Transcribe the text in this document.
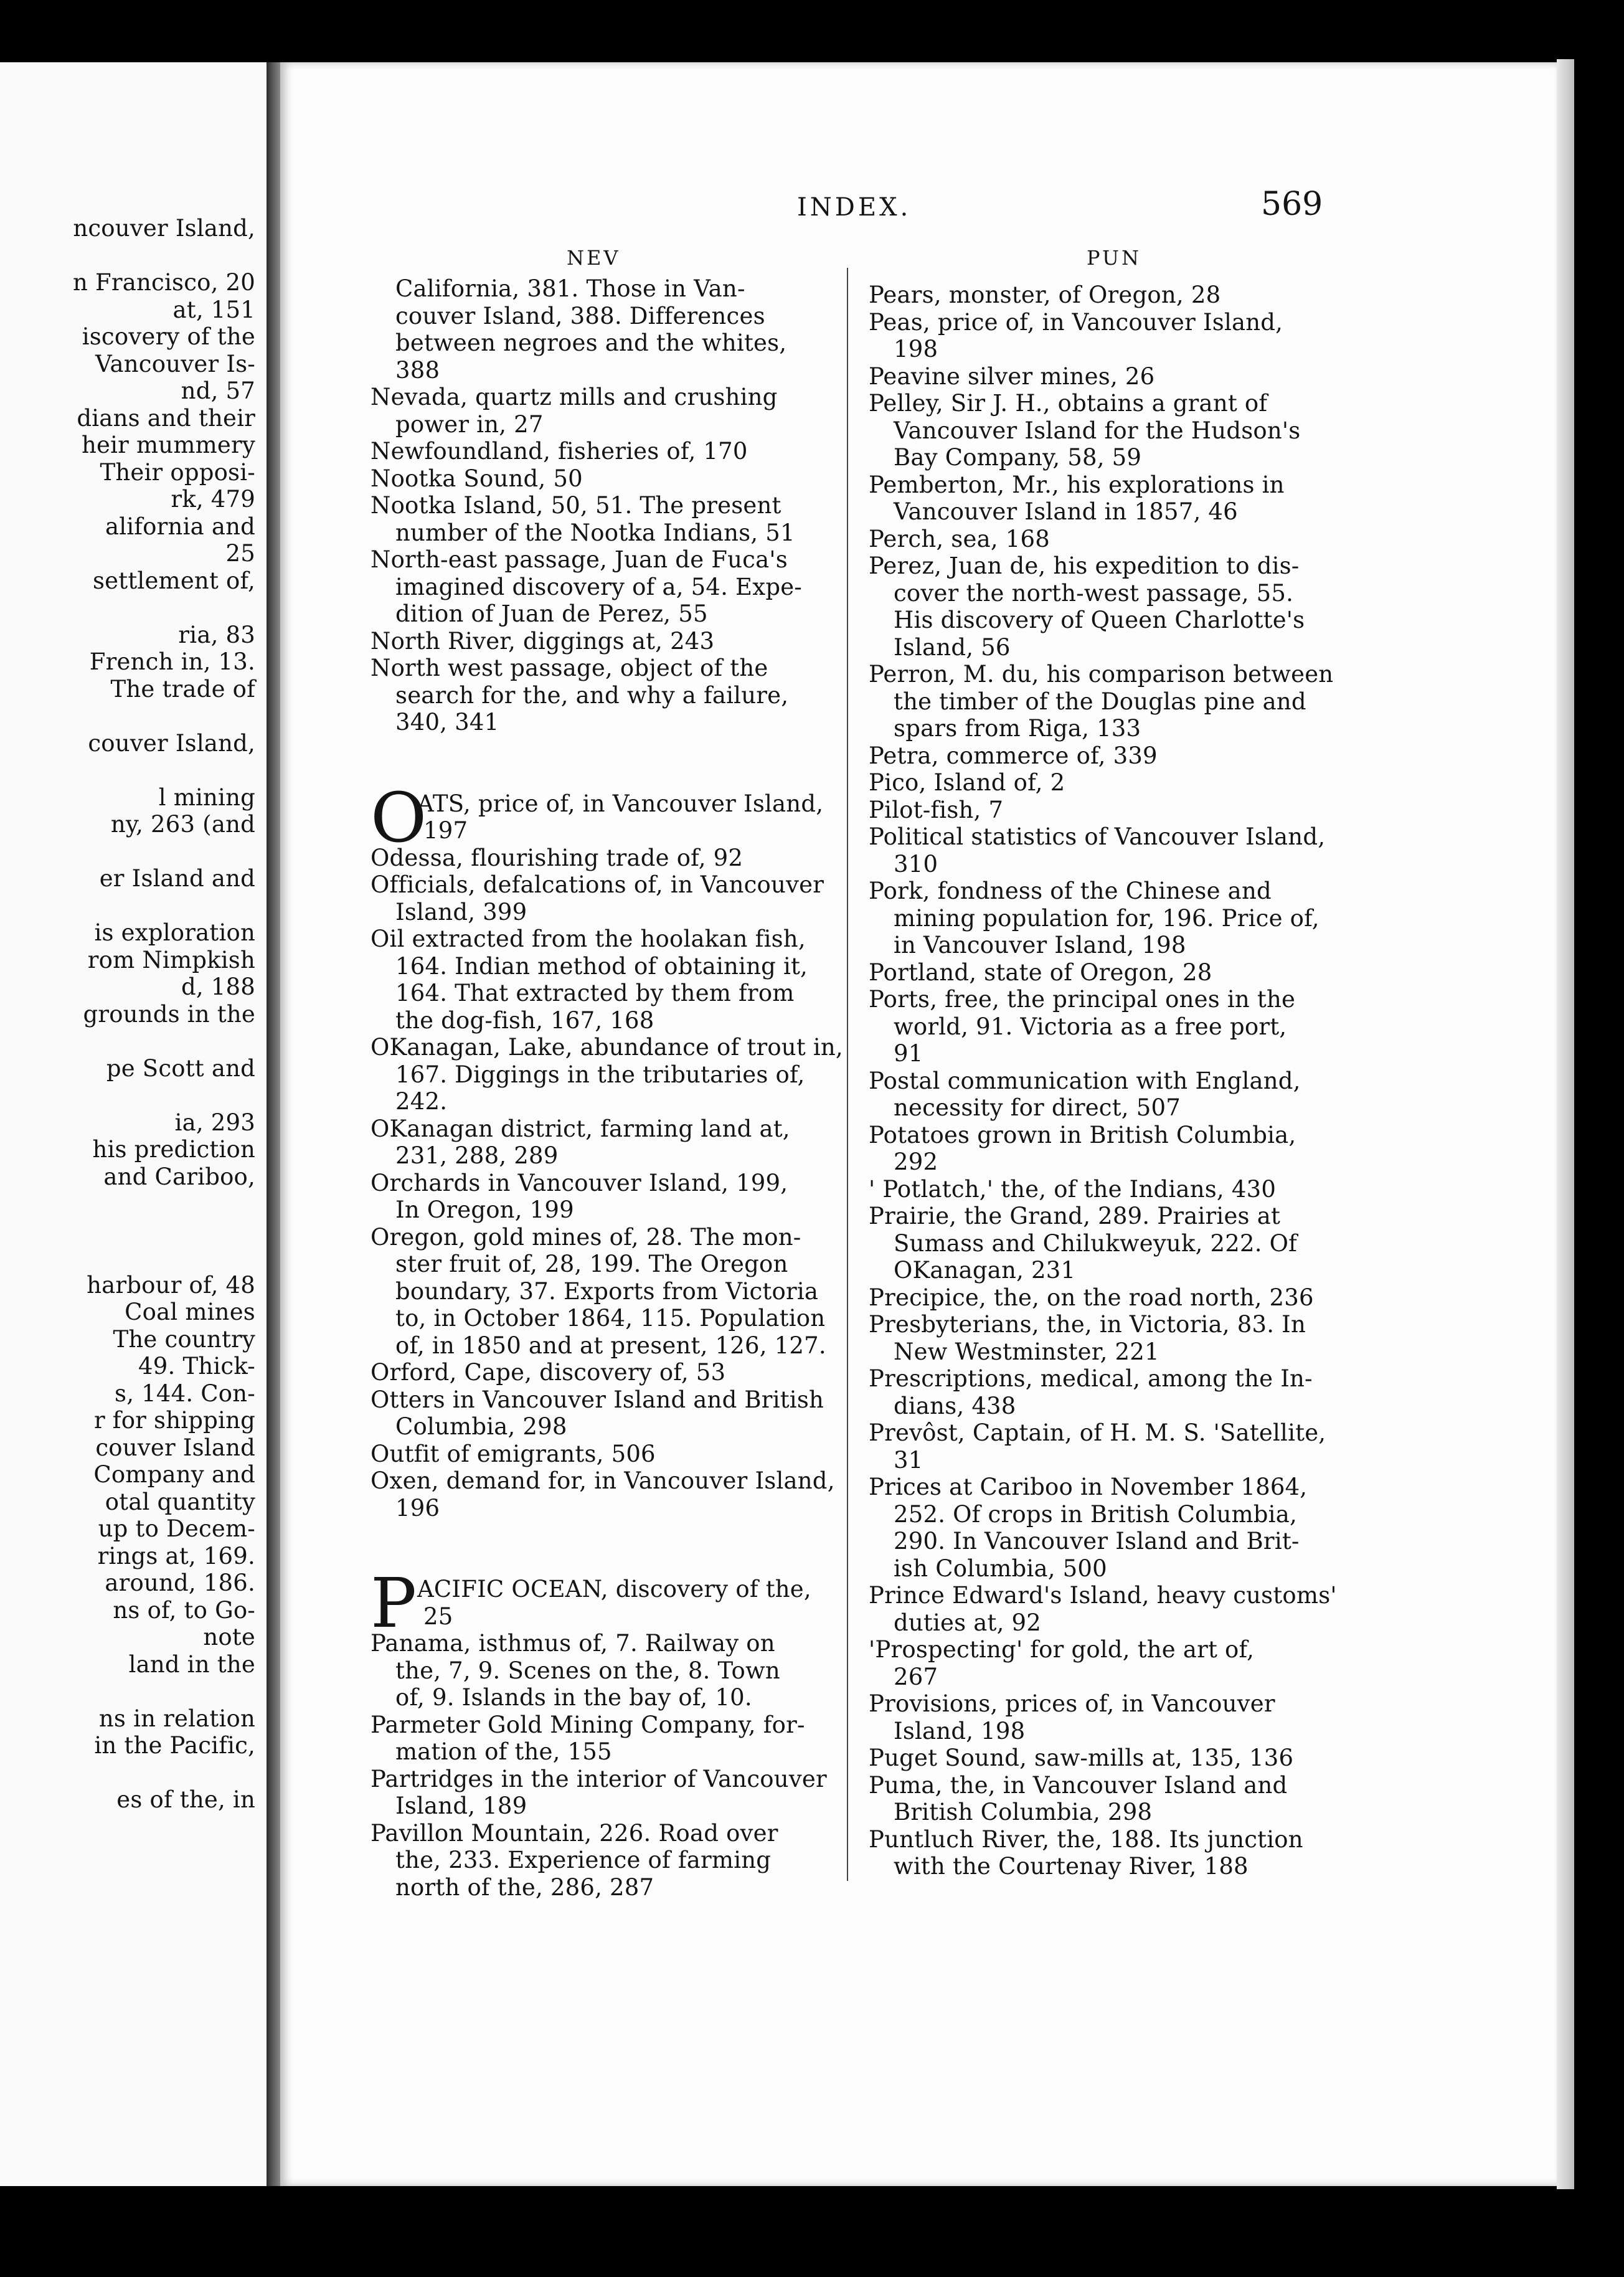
ncouver Island,
n Francisco, 20
at, 151
iscovery of the
Vancouver Is-
nd, 57
dians and their
heir mummery
Their opposi-
rk, 479
alifornia and
25
settlement of,
ria, 83
French in, 13.
The trade of
couver Island,
l mining
ny, 263 (and
er Island and
is exploration
rom Nimpkish
d, 188
grounds in the
pe Scott and
ia, 293
his prediction
and Cariboo,
harbour of, 48
Coal mines
The country
49. Thick-
s, 144. Con-
r for shipping
couver Island
Company and
otal quantity
up to Decem-
rings at, 169.
around, 186.
ns of, to Go-
note
land in the
ns in relation
in the Pacific,
es of the, in
INDEX.	569
NEV	PUN
California, 381. Those in Van-
couver Island, 388. Differences
between negroes and the whites,
388
Nevada, quartz mills and crushing
power in, 27
Newfoundland, fisheries of, 170
Nootka Sound, 50
Nootka Island, 50, 51. The present
number of the Nootka Indians, 51
North-east passage, Juan de Fuca's
imagined discovery of a, 54. Expe-
dition of Juan de Perez, 55
North River, diggings at, 243
North west passage, object of the
search for the, and why a failure,
340, 341
O
ATS, price of, in Vancouver Island,
197
Odessa, flourishing trade of, 92
Officials, defalcations of, in Vancouver
Island, 399
Oil extracted from the hoolakan fish,
164. Indian method of obtaining it,
164. That extracted by them from
the dog-fish, 167, 168
OKanagan, Lake, abundance of trout in,
167. Diggings in the tributaries of,
242.
OKanagan district, farming land at,
231, 288, 289
Orchards in Vancouver Island, 199,
In Oregon, 199
Oregon, gold mines of, 28. The mon-
ster fruit of, 28, 199. The Oregon
boundary, 37. Exports from Victoria
to, in October 1864, 115. Population
of, in 1850 and at present, 126, 127.
Orford, Cape, discovery of, 53
Otters in Vancouver Island and British
Columbia, 298
Outfit of emigrants, 506
Oxen, demand for, in Vancouver Island,
196
P ACIFIC OCEAN, discovery of the,
25
Panama, isthmus of, 7. Railway on
the, 7, 9. Scenes on the, 8. Town
of, 9. Islands in the bay of, 10.
Parmeter Gold Mining Company, for-
mation of the, 155
Partridges in the interior of Vancouver
Island, 189
Pavillon Mountain, 226. Road over
the, 233. Experience of farming
north of the, 286, 287
Pears, monster, of Oregon, 28
Peas, price of, in Vancouver Island,
198
Peavine silver mines, 26
Pelley, Sir J. H., obtains a grant of
Vancouver Island for the Hudson's
Bay Company, 58, 59
Pemberton, Mr., his explorations in
Vancouver Island in 1857, 46
Perch, sea, 168
Perez, Juan de, his expedition to dis-
cover the north-west passage, 55.
His discovery of Queen Charlotte's
Island, 56
Perron, M. du, his comparison between
the timber of the Douglas pine and
spars from Riga, 133
Petra, commerce of, 339
Pico, Island of, 2
Pilot-fish, 7
Political statistics of Vancouver Island,
310
Pork, fondness of the Chinese and
mining population for, 196. Price of,
in Vancouver Island, 198
Portland, state of Oregon, 28
Ports, free, the principal ones in the
world, 91. Victoria as a free port,
91
Postal communication with England,
necessity for direct, 507
Potatoes grown in British Columbia,
292
' Potlatch,' the, of the Indians, 430
Prairie, the Grand, 289. Prairies at
Sumass and Chilukweyuk, 222. Of
OKanagan, 231
Precipice, the, on the road north, 236
Presbyterians, the, in Victoria, 83. In
New Westminster, 221
Prescriptions, medical, among the In-
dians, 438
Prevôst, Captain, of H. M. S. 'Satellite,
31
Prices at Cariboo in November 1864,
252. Of crops in British Columbia,
290. In Vancouver Island and Brit-
ish Columbia, 500
Prince Edward's Island, heavy customs'
duties at, 92
'Prospecting' for gold, the art of,
267
Provisions, prices of, in Vancouver
Island, 198
Puget Sound, saw-mills at, 135, 136
Puma, the, in Vancouver Island and
British Columbia, 298
Puntluch River, the, 188. Its junction
with the Courtenay River, 188
